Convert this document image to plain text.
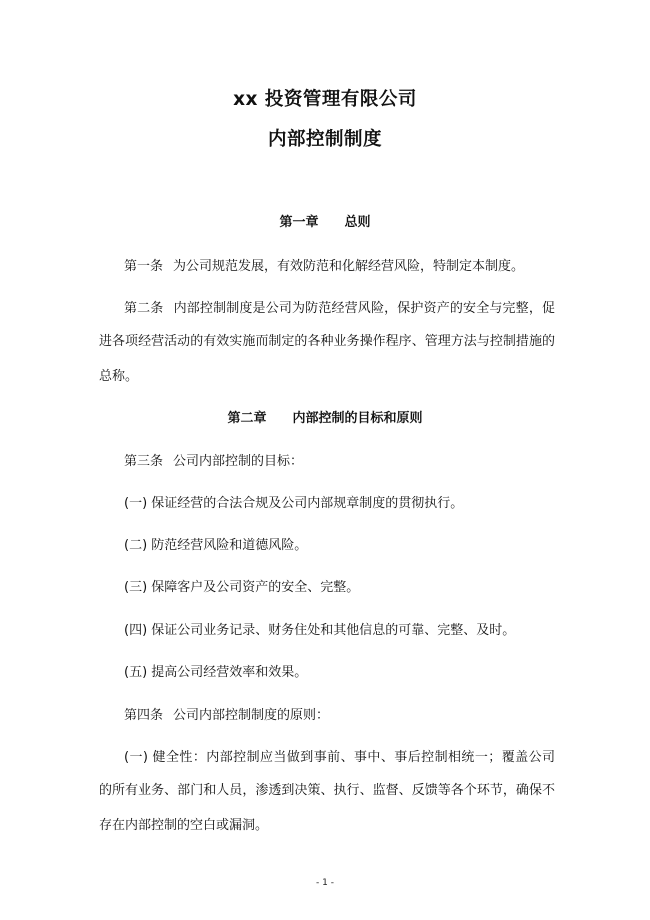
xx 投资管理有限公司
内部控制制度
第一章 总则
第一条 为公司规范发展，有效防范和化解经营风险，特制定本制度。
第二条 内部控制制度是公司为防范经营风险，保护资产的安全与完整，促
进各项经营活动的有效实施而制定的各种业务操作程序、管理方法与控制措施的
总称。
第二章 内部控制的目标和原则
第三条 公司内部控制的目标：
(一) 保证经营的合法合规及公司内部规章制度的贯彻执行。
(二) 防范经营风险和道德风险。
(三) 保障客户及公司资产的安全、完整。
(四) 保证公司业务记录、财务住处和其他信息的可靠、完整、及时。
(五) 提高公司经营效率和效果。
第四条 公司内部控制制度的原则：
(一) 健全性：内部控制应当做到事前、事中、事后控制相统一；覆盖公司
的所有业务、部门和人员，渗透到决策、执行、监督、反馈等各个环节，确保不
存在内部控制的空白或漏洞。
- 1 -
